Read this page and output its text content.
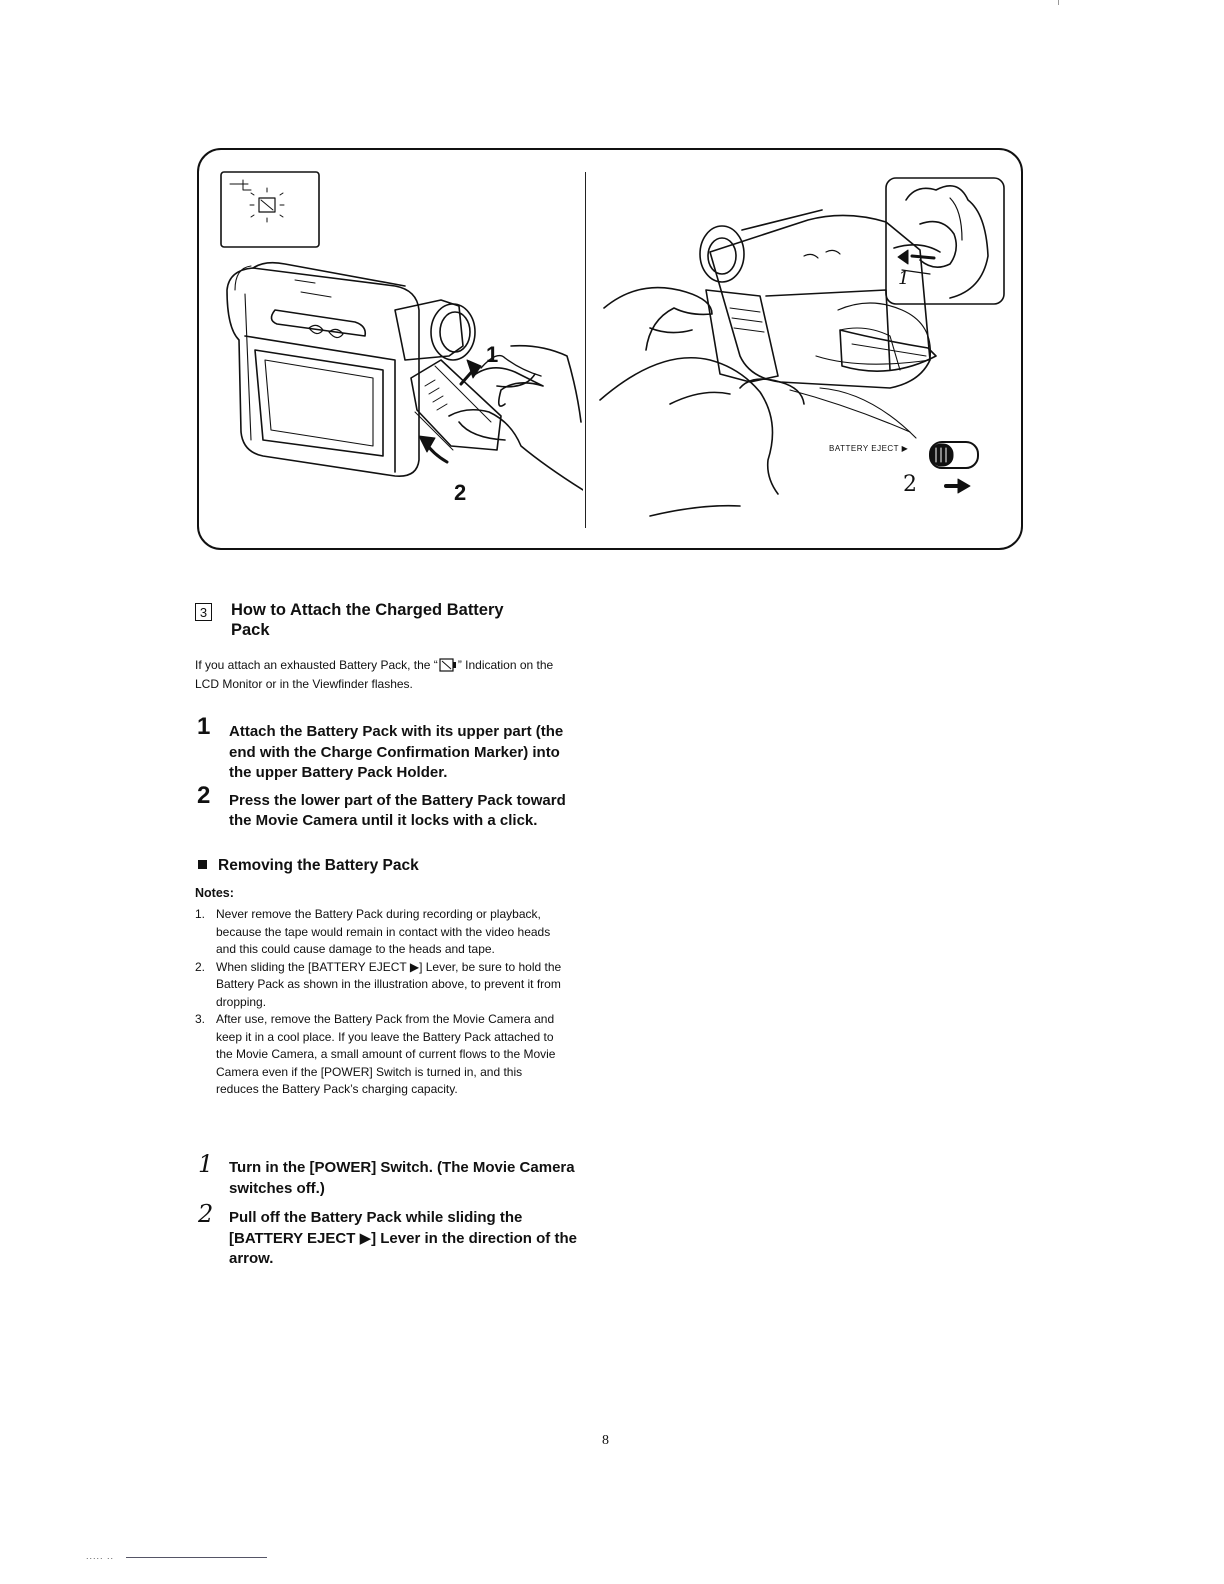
1
2
1
BATTERY EJECT ▶
2
3 How to Attach the Charged Battery
Pack
If you attach an exhausted Battery Pack, the “ ” Indication on the LCD Monitor or in the Viewfinder flashes.
1 Attach the Battery Pack with its upper part (the end with the Charge Confirmation Marker) into the upper Battery Pack Holder.
2 Press the lower part of the Battery Pack toward the Movie Camera until it locks with a click.
Removing the Battery Pack
Notes:
1. Never remove the Battery Pack during recording or playback, because the tape would remain in contact with the video heads and this could cause damage to the heads and tape.
2. When sliding the [BATTERY EJECT ▶] Lever, be sure to hold the Battery Pack as shown in the illustration above, to prevent it from dropping.
3. After use, remove the Battery Pack from the Movie Camera and keep it in a cool place. If you leave the Battery Pack attached to the Movie Camera, a small amount of current flows to the Movie Camera even if the [POWER] Switch is turned in, and this reduces the Battery Pack’s charging capacity.
1 Turn in the [POWER] Switch. (The Movie Camera switches off.)
2 Pull off the Battery Pack while sliding the [BATTERY EJECT ▶] Lever in the direction of the arrow.
8
..... ..
